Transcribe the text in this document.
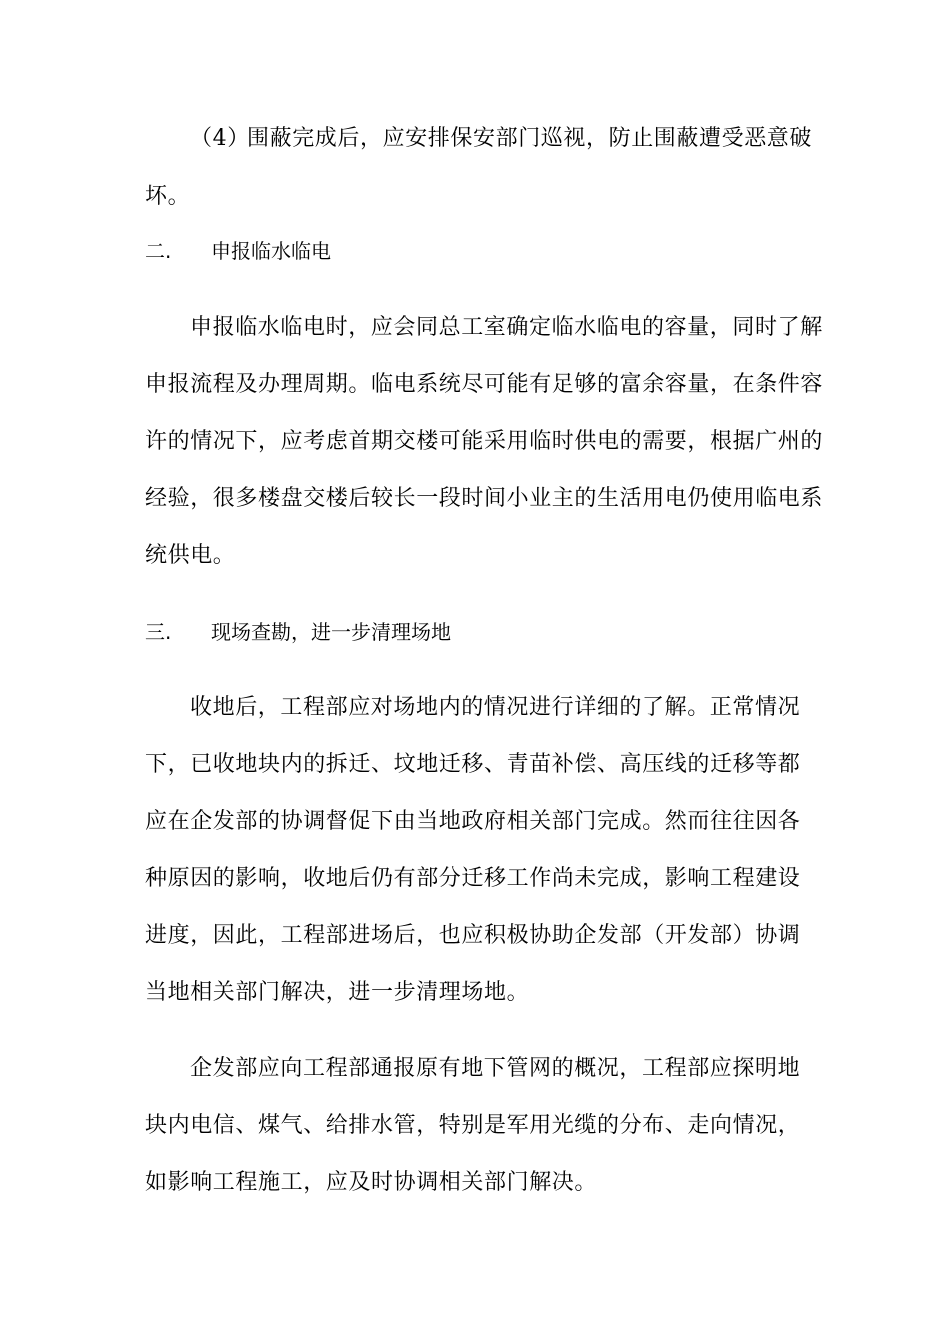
（4）围蔽完成后，应安排保安部门巡视，防止围蔽遭受恶意破
坏。
二. 申报临水临电
申报临水临电时，应会同总工室确定临水临电的容量，同时了解
申报流程及办理周期。临电系统尽可能有足够的富余容量，在条件容
许的情况下，应考虑首期交楼可能采用临时供电的需要，根据广州的
经验，很多楼盘交楼后较长一段时间小业主的生活用电仍使用临电系
统供电。
三. 现场查勘，进一步清理场地
收地后，工程部应对场地内的情况进行详细的了解。正常情况
下，已收地块内的拆迁、坟地迁移、青苗补偿、高压线的迁移等都
应在企发部的协调督促下由当地政府相关部门完成。然而往往因各
种原因的影响，收地后仍有部分迁移工作尚未完成，影响工程建设
进度，因此，工程部进场后，也应积极协助企发部（开发部）协调
当地相关部门解决，进一步清理场地。
企发部应向工程部通报原有地下管网的概况，工程部应探明地
块内电信、煤气、给排水管，特别是军用光缆的分布、走向情况，
如影响工程施工，应及时协调相关部门解决。
